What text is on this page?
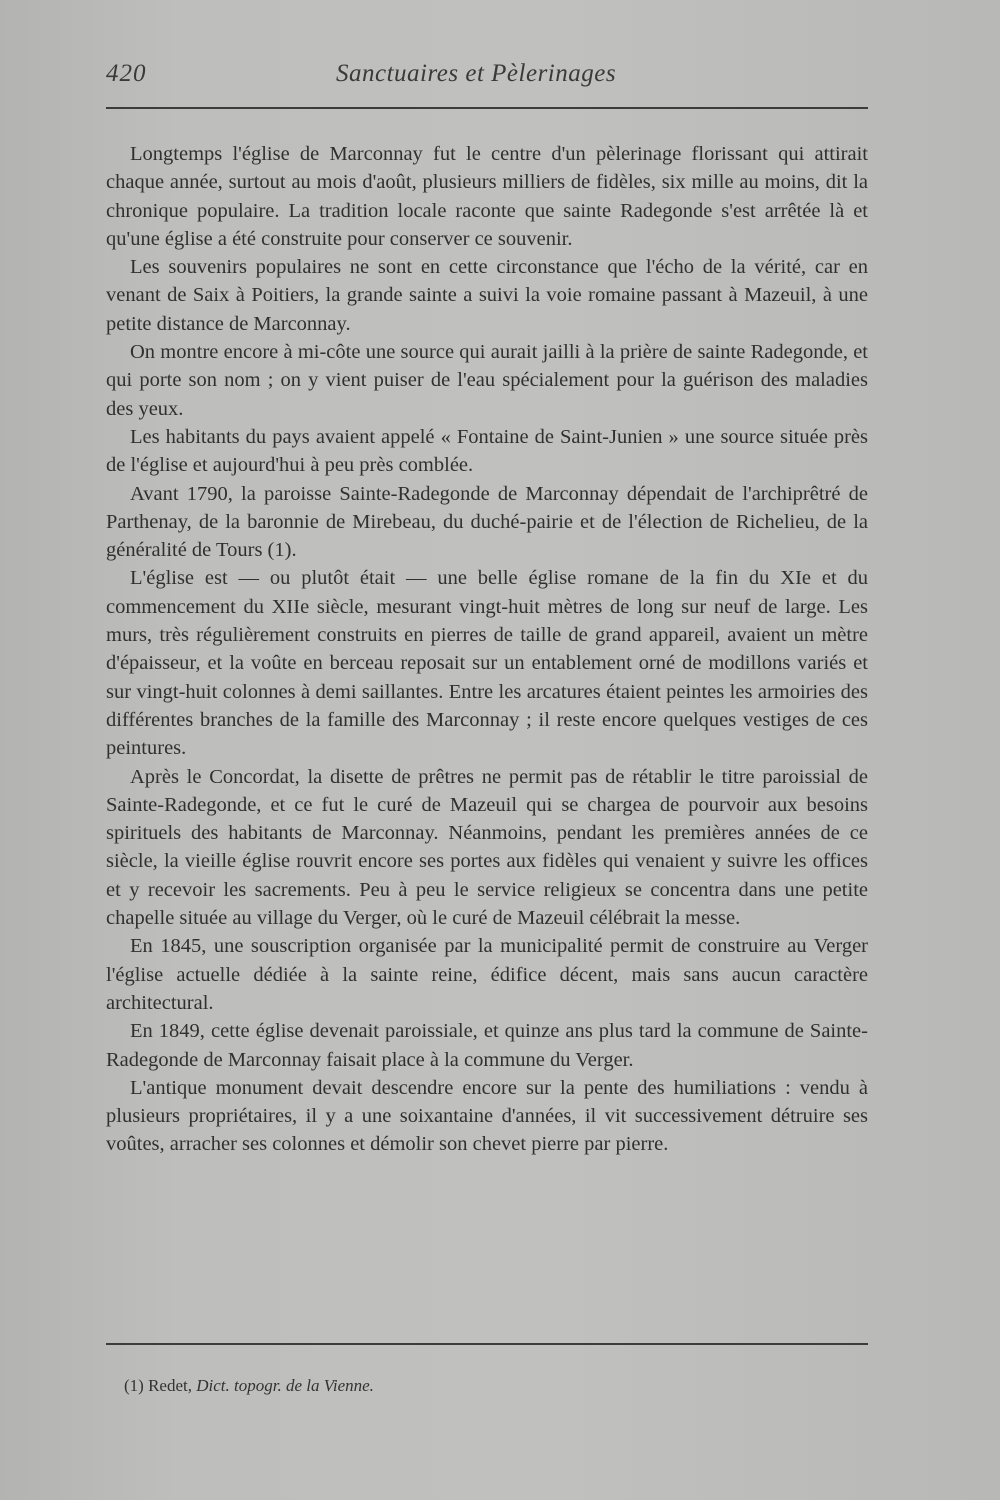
420	Sanctuaires et Pèlerinages

Longtemps l'église de Marconnay fut le centre d'un pèlerinage florissant qui attirait chaque année, surtout au mois d'août, plusieurs milliers de fidèles, six mille au moins, dit la chronique populaire. La tradition locale raconte que sainte Radegonde s'est arrêtée là et qu'une église a été construite pour conserver ce souvenir.

Les souvenirs populaires ne sont en cette circonstance que l'écho de la vérité, car en venant de Saix à Poitiers, la grande sainte a suivi la voie romaine passant à Mazeuil, à une petite distance de Marconnay.

On montre encore à mi-côte une source qui aurait jailli à la prière de sainte Radegonde, et qui porte son nom ; on y vient puiser de l'eau spécialement pour la guérison des maladies des yeux.

Les habitants du pays avaient appelé « Fontaine de Saint-Junien » une source située près de l'église et aujourd'hui à peu près comblée.

Avant 1790, la paroisse Sainte-Radegonde de Marconnay dépendait de l'archiprêtré de Parthenay, de la baronnie de Mirebeau, du duché-pairie et de l'élection de Richelieu, de la généralité de Tours (1).

L'église est — ou plutôt était — une belle église romane de la fin du XIe et du commencement du XIIe siècle, mesurant vingt-huit mètres de long sur neuf de large. Les murs, très régulièrement construits en pierres de taille de grand appareil, avaient un mètre d'épaisseur, et la voûte en berceau reposait sur un entablement orné de modillons variés et sur vingt-huit colonnes à demi saillantes. Entre les arcatures étaient peintes les armoiries des différentes branches de la famille des Marconnay ; il reste encore quelques vestiges de ces peintures.

Après le Concordat, la disette de prêtres ne permit pas de rétablir le titre paroissial de Sainte-Radegonde, et ce fut le curé de Mazeuil qui se chargea de pourvoir aux besoins spirituels des habitants de Marconnay. Néanmoins, pendant les premières années de ce siècle, la vieille église rouvrit encore ses portes aux fidèles qui venaient y suivre les offices et y recevoir les sacrements. Peu à peu le service religieux se concentra dans une petite chapelle située au village du Verger, où le curé de Mazeuil célébrait la messe.

En 1845, une souscription organisée par la municipalité permit de construire au Verger l'église actuelle dédiée à la sainte reine, édifice décent, mais sans aucun caractère architectural.

En 1849, cette église devenait paroissiale, et quinze ans plus tard la commune de Sainte-Radegonde de Marconnay faisait place à la commune du Verger.

L'antique monument devait descendre encore sur la pente des humiliations : vendu à plusieurs propriétaires, il y a une soixantaine d'années, il vit successivement détruire ses voûtes, arracher ses colonnes et démolir son chevet pierre par pierre.

(1) Redet, Dict. topogr. de la Vienne.
